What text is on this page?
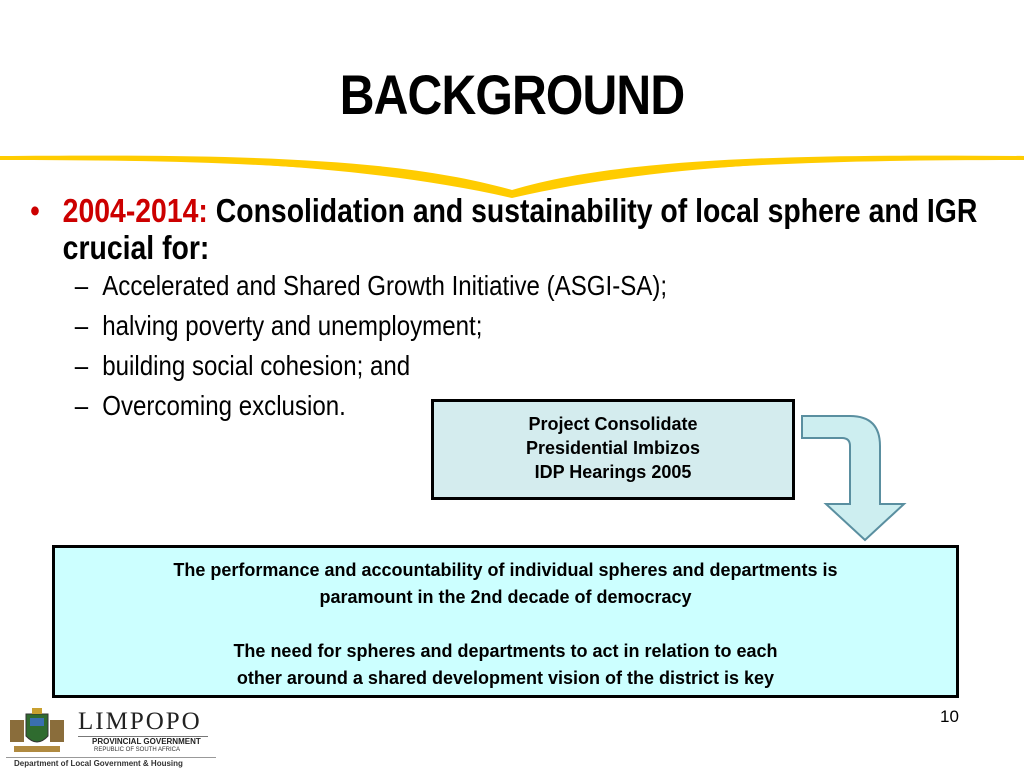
BACKGROUND
• 2004-2014: Consolidation and sustainability of local sphere and IGR crucial for:
– Accelerated and Shared Growth Initiative (ASGI-SA);
– halving poverty and unemployment;
– building social cohesion; and
– Overcoming exclusion.
Project Consolidate
Presidential Imbizos
IDP Hearings 2005
The performance and accountability of individual spheres and departments is
paramount in the 2nd decade of democracy
The need for spheres and departments to act in relation to each
other around a shared development vision of the district is key
10
LIMPOPO
PROVINCIAL GOVERNMENT
REPUBLIC OF SOUTH AFRICA
Department of Local Government & Housing
